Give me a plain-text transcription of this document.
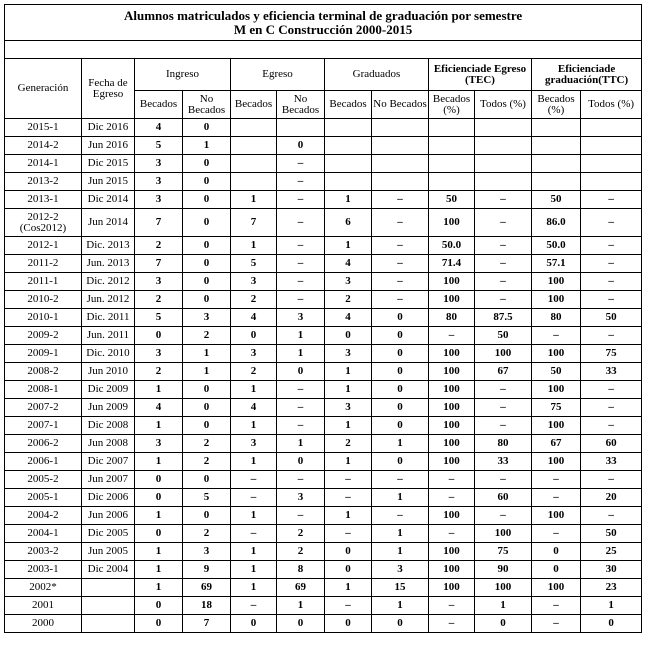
Alumnos matriculados y eficiencia terminal de graduación por semestre
M en C Construcción 2000-2015											

Generación	Fecha de Egreso	Ingreso		Egreso		Graduados		Eficienciade Egreso (TEC)		Eficienciade graduación(TTC)	
		Becados	No Becados	Becados	No Becados	Becados	No Becados	Becados (%)	Todos (%)	Becados (%)	Todos (%)
2015-1	Dic 2016	4	0								
2014-2	Jun 2016	5	1		0						
2014-1	Dic 2015	3	0		–						
2013-2	Jun 2015	3	0		–						
2013-1	Dic 2014	3	0	1	–	1	–	50	–	50	–
2012-2 (Cos2012)	Jun 2014	7	0	7	–	6	–	100	–	86.0	–
2012-1	Dic. 2013	2	0	1	–	1	–	50.0	–	50.0	–
2011-2	Jun. 2013	7	0	5	–	4	–	71.4	–	57.1	–
2011-1	Dic. 2012	3	0	3	–	3	–	100	–	100	–
2010-2	Jun. 2012	2	0	2	–	2	–	100	–	100	–
2010-1	Dic. 2011	5	3	4	3	4	0	80	87.5	80	50
2009-2	Jun. 2011	0	2	0	1	0	0	–	50	–	–
2009-1	Dic. 2010	3	1	3	1	3	0	100	100	100	75
2008-2	Jun 2010	2	1	2	0	1	0	100	67	50	33
2008-1	Dic 2009	1	0	1	–	1	0	100	–	100	–
2007-2	Jun 2009	4	0	4	–	3	0	100	–	75	–
2007-1	Dic 2008	1	0	1	–	1	0	100	–	100	–
2006-2	Jun 2008	3	2	3	1	2	1	100	80	67	60
2006-1	Dic 2007	1	2	1	0	1	0	100	33	100	33
2005-2	Jun 2007	0	0	–	–	–	–	–	–	–	–
2005-1	Dic 2006	0	5	–	3	–	1	–	60	–	20
2004-2	Jun 2006	1	0	1	–	1	–	100	–	100	–
2004-1	Dic 2005	0	2	–	2	–	1	–	100	–	50
2003-2	Jun 2005	1	3	1	2	0	1	100	75	0	25
2003-1	Dic 2004	1	9	1	8	0	3	100	90	0	30
2002*		1	69	1	69	1	15	100	100	100	23
2001		0	18	–	1	–	1	–	1	–	1
2000		0	7	0	0	0	0	–	0	–	0
